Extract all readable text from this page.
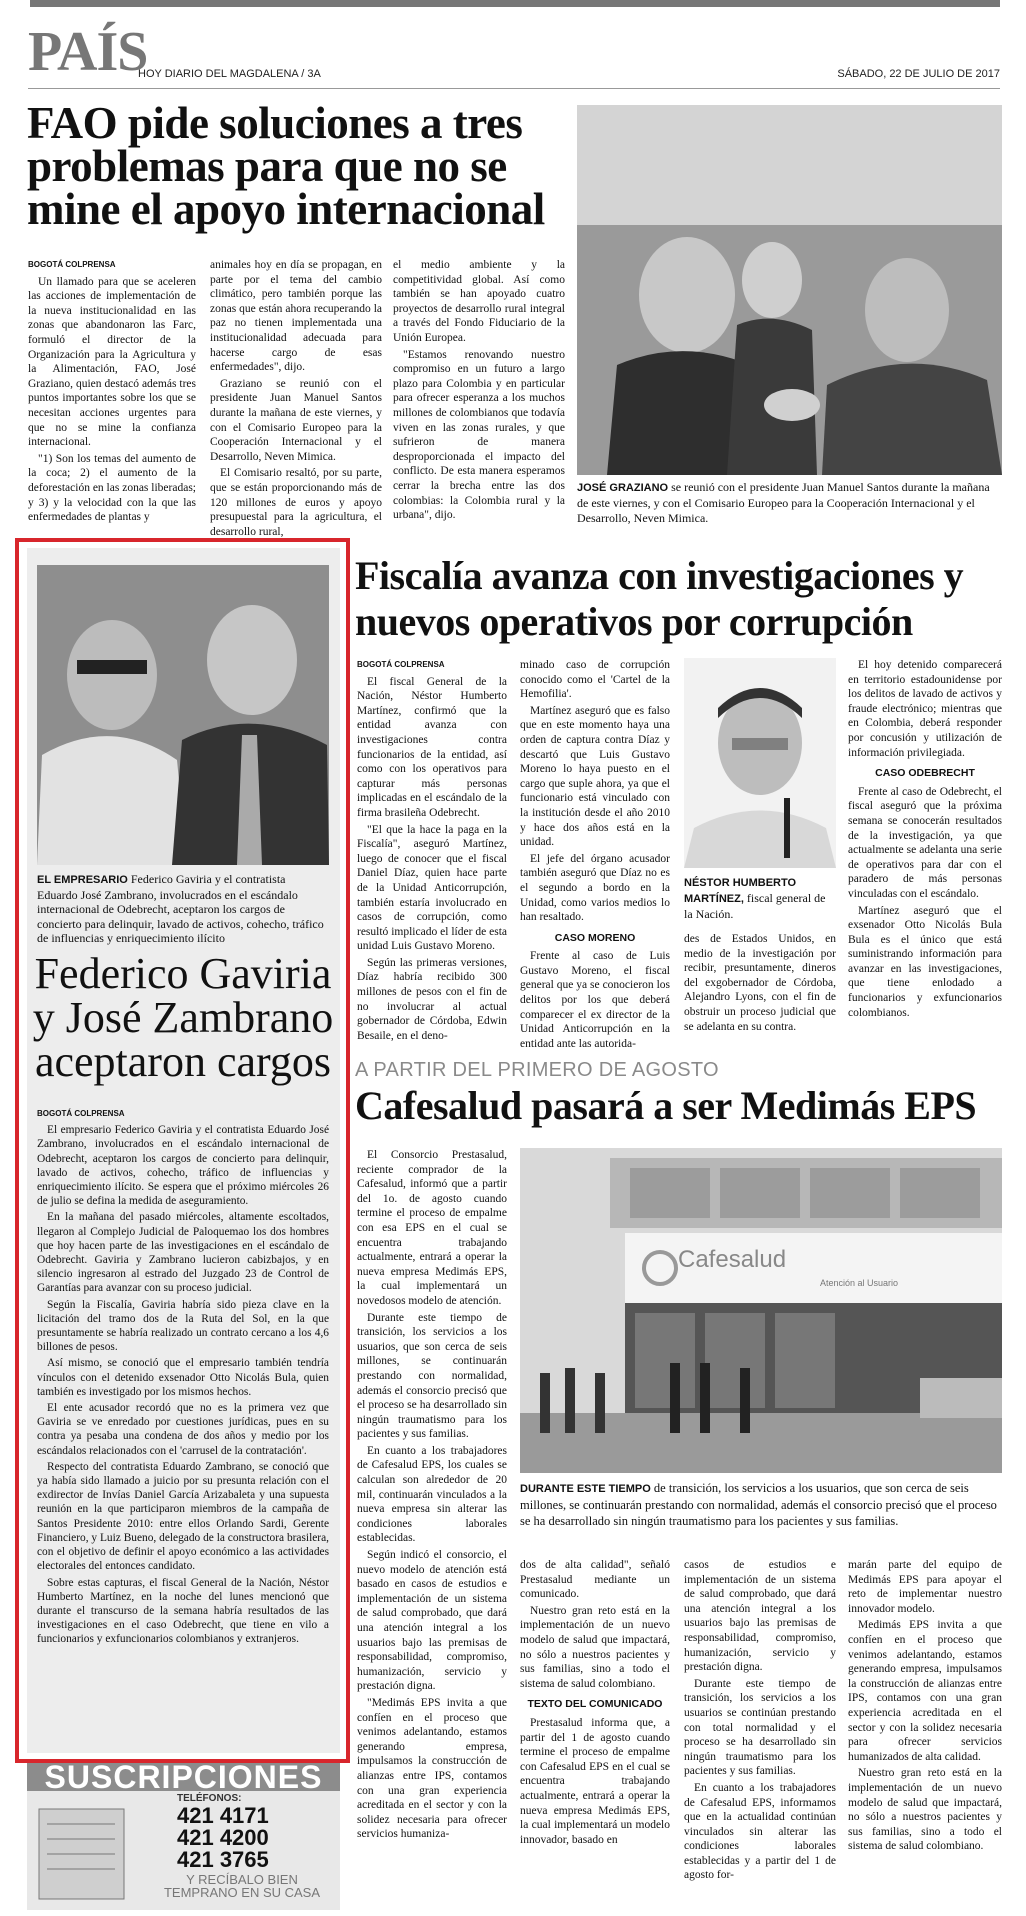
PAÍS
HOY DIARIO DEL MAGDALENA / 3A	SÁBADO, 22 DE JULIO DE 2017
FAO pide soluciones a tres problemas para que no se mine el apoyo internacional

BOGOTÁ COLPRENSA

Un llamado para que se aceleren las acciones de implementación de la nueva institucionalidad en las zonas que abandonaron las Farc, formuló el director de la Organización para la Agricultura y la Alimentación, FAO, José Graziano, quien destacó además tres puntos importantes sobre los que se necesitan acciones urgentes para que no se mine la confianza internacional.

"1) Son los temas del aumento de la coca; 2) el aumento de la deforestación en las zonas liberadas; y 3) y la velocidad con la que las enfermedades de plantas y

animales hoy en día se propagan, en parte por el tema del cambio climático, pero también porque las zonas que están ahora recuperando la paz no tienen implementada una institucionalidad adecuada para hacerse cargo de esas enfermedades", dijo.

Graziano se reunió con el presidente Juan Manuel Santos durante la mañana de este viernes, y con el Comisario Europeo para la Cooperación Internacional y el Desarrollo, Neven Mimica.

El Comisario resaltó, por su parte, que se están proporcionando más de 120 millones de euros y apoyo presupuestal para la agricultura, el desarrollo rural,

el medio ambiente y la competitividad global. Así como también se han apoyado cuatro proyectos de desarrollo rural integral a través del Fondo Fiduciario de la Unión Europea.

"Estamos renovando nuestro compromiso en un futuro a largo plazo para Colombia y en particular para ofrecer esperanza a los muchos millones de colombianos que todavía viven en las zonas rurales, y que sufrieron de manera desproporcionada el impacto del conflicto. De esta manera esperamos cerrar la brecha entre las dos colombias: la Colombia rural y la urbana", dijo.

JOSÉ GRAZIANO se reunió con el presidente Juan Manuel Santos durante la mañana de este viernes, y con el Comisario Europeo para la Cooperación Internacional y el Desarrollo, Neven Mimica.
EL EMPRESARIO Federico Gaviria y el contratista Eduardo José Zambrano, involucrados en el escándalo internacional de Odebrecht, aceptaron los cargos de concierto para delinquir, lavado de activos, cohecho, tráfico de influencias y enriquecimiento ilícito
Federico Gaviria
y José Zambrano
aceptaron cargos

BOGOTÁ COLPRENSA

El empresario Federico Gaviria y el contratista Eduardo José Zambrano, involucrados en el escándalo internacional de Odebrecht, aceptaron los cargos de concierto para delinquir, lavado de activos, cohecho, tráfico de influencias y enriquecimiento ilícito. Se espera que el próximo miércoles 26 de julio se defina la medida de aseguramiento.

En la mañana del pasado miércoles, altamente escoltados, llegaron al Complejo Judicial de Paloquemao los dos hombres que hoy hacen parte de las investigaciones en el escándalo de Odebrecht. Gaviria y Zambrano lucieron cabizbajos, y en silencio ingresaron al estrado del Juzgado 23 de Control de Garantías para avanzar con su proceso judicial.

Según la Fiscalía, Gaviria habría sido pieza clave en la licitación del tramo dos de la Ruta del Sol, en la que presuntamente se habría realizado un contrato cercano a los 4,6 billones de pesos.

Así mismo, se conoció que el empresario también tendría vínculos con el detenido exsenador Otto Nicolás Bula, quien también es investigado por los mismos hechos.

El ente acusador recordó que no es la primera vez que Gaviria se ve enredado por cuestiones jurídicas, pues en su contra ya pesaba una condena de dos años y medio por los escándalos relacionados con el 'carrusel de la contratación'.

Respecto del contratista Eduardo Zambrano, se conoció que ya había sido llamado a juicio por su presunta relación con el exdirector de Invías Daniel García Arizabaleta y una supuesta reunión en la que participaron miembros de la campaña de Santos Presidente 2010: entre ellos Orlando Sardi, Gerente Financiero, y Luiz Bueno, delegado de la constructora brasilera, con el objetivo de definir el apoyo económico a las actividades electorales del entonces candidato.

Sobre estas capturas, el fiscal General de la Nación, Néstor Humberto Martínez, en la noche del lunes mencionó que durante el transcurso de la semana habría resultados de las investigaciones en el caso Odebrecht, que tiene en vilo a funcionarios y exfuncionarios colombianos y extranjeros.

SUSCRIPCIONES
TELÉFONOS:
421 4171
421 4200
421 3765
Y RECÍBALO BIEN
TEMPRANO EN SU CASA
Fiscalía avanza con investigaciones y nuevos operativos por corrupción

BOGOTÁ COLPRENSA

El fiscal General de la Nación, Néstor Humberto Martínez, confirmó que la entidad avanza con investigaciones contra funcionarios de la entidad, así como con los operativos para capturar más personas implicadas en el escándalo de la firma brasileña Odebrecht.

"El que la hace la paga en la Fiscalía", aseguró Martínez, luego de conocer que el fiscal Daniel Díaz, quien hace parte de la Unidad Anticorrupción, también estaría involucrado en casos de corrupción, como resultó implicado el líder de esta unidad Luis Gustavo Moreno.

Según las primeras versiones, Díaz habría recibido 300 millones de pesos con el fin de no involucrar al actual gobernador de Córdoba, Edwin Besaile, en el deno-

minado caso de corrupción conocido como el 'Cartel de la Hemofilia'.

Martínez aseguró que es falso que en este momento haya una orden de captura contra Díaz y descartó que Luis Gustavo Moreno lo haya puesto en el cargo que suple ahora, ya que el funcionario está vinculado con la institución desde el año 2010 y hace dos años está en la unidad.

El jefe del órgano acusador también aseguró que Díaz no es el segundo a bordo en la Unidad, como varios medios lo han resaltado.

CASO MORENO

Frente al caso de Luis Gustavo Moreno, el fiscal general que ya se conocieron los delitos por los que deberá comparecer el ex director de la Unidad Anticorrupción en la entidad ante las autorida-

NÉSTOR HUMBERTO MARTÍNEZ, fiscal general de la Nación.

des de Estados Unidos, en medio de la investigación por recibir, presuntamente, dineros del exgobernador de Córdoba, Alejandro Lyons, con el fin de obstruir un proceso judicial que se adelanta en su contra.

El hoy detenido comparecerá en territorio estadounidense por los delitos de lavado de activos y fraude electrónico; mientras que en Colombia, deberá responder por concusión y utilización de información privilegiada.

CASO ODEBRECHT

Frente al caso de Odebrecht, el fiscal aseguró que la próxima semana se conocerán resultados de la investigación, ya que actualmente se adelanta una serie de operativos para dar con el paradero de más personas vinculadas con el escándalo.

Martínez aseguró que el exsenador Otto Nicolás Bula Bula es el único que está suministrando información para avanzar en las investigaciones, que tiene enlodado a funcionarios y exfuncionarios colombianos.

A PARTIR DEL PRIMERO DE AGOSTO
Cafesalud pasará a ser Medimás EPS

El Consorcio Prestasalud, reciente comprador de la Cafesalud, informó que a partir del 1o. de agosto cuando termine el proceso de empalme con esa EPS en el cual se encuentra trabajando actualmente, entrará a operar la nueva empresa Medimás EPS, la cual implementará un novedosos modelo de atención.

Durante este tiempo de transición, los servicios a los usuarios, que son cerca de seis millones, se continuarán prestando con normalidad, además el consorcio precisó que el proceso se ha desarrollado sin ningún traumatismo para los pacientes y sus familias.

En cuanto a los trabajadores de Cafesalud EPS, los cuales se calculan son alrededor de 20 mil, continuarán vinculados a la nueva empresa sin alterar las condiciones laborales establecidas.

Según indicó el consorcio, el nuevo modelo de atención está basado en casos de estudios e implementación de un sistema de salud comprobado, que dará una atención integral a los usuarios bajo las premisas de responsabilidad, compromiso, humanización, servicio y prestación digna.

"Medimás EPS invita a que confíen en el proceso que venimos adelantando, estamos generando empresa, impulsamos la construcción de alianzas entre IPS, contamos con una gran experiencia acreditada en el sector y con la solidez necesaria para ofrecer servicios humaniza-

Cafesalud
Atención al Usuario
DURANTE ESTE TIEMPO de transición, los servicios a los usuarios, que son cerca de seis millones, se continuarán prestando con normalidad, además el consorcio precisó que el proceso se ha desarrollado sin ningún traumatismo para los pacientes y sus familias.

dos de alta calidad", señaló Prestasalud mediante un comunicado.

Nuestro gran reto está en la implementación de un nuevo modelo de salud que impactará, no sólo a nuestros pacientes y sus familias, sino a todo el sistema de salud colombiano.

TEXTO DEL COMUNICADO

Prestasalud informa que, a partir del 1 de agosto cuando termine el proceso de empalme con Cafesalud EPS en el cual se encuentra trabajando actualmente, entrará a operar la nueva empresa Medimás EPS, la cual implementará un modelo innovador, basado en

casos de estudios e implementación de un sistema de salud comprobado, que dará una atención integral a los usuarios bajo las premisas de responsabilidad, compromiso, humanización, servicio y prestación digna.

Durante este tiempo de transición, los servicios a los usuarios se continúan prestando con total normalidad y el proceso se ha desarrollado sin ningún traumatismo para los pacientes y sus familias.

En cuanto a los trabajadores de Cafesalud EPS, informamos que en la actualidad continúan vinculados sin alterar las condiciones laborales establecidas y a partir del 1 de agosto for-

marán parte del equipo de Medimás EPS para apoyar el reto de implementar nuestro innovador modelo.

Medimás EPS invita a que confíen en el proceso que venimos adelantando, estamos generando empresa, impulsamos la construcción de alianzas entre IPS, contamos con una gran experiencia acreditada en el sector y con la solidez necesaria para ofrecer servicios humanizados de alta calidad.

Nuestro gran reto está en la implementación de un nuevo modelo de salud que impactará, no sólo a nuestros pacientes y sus familias, sino a todo el sistema de salud colombiano.
